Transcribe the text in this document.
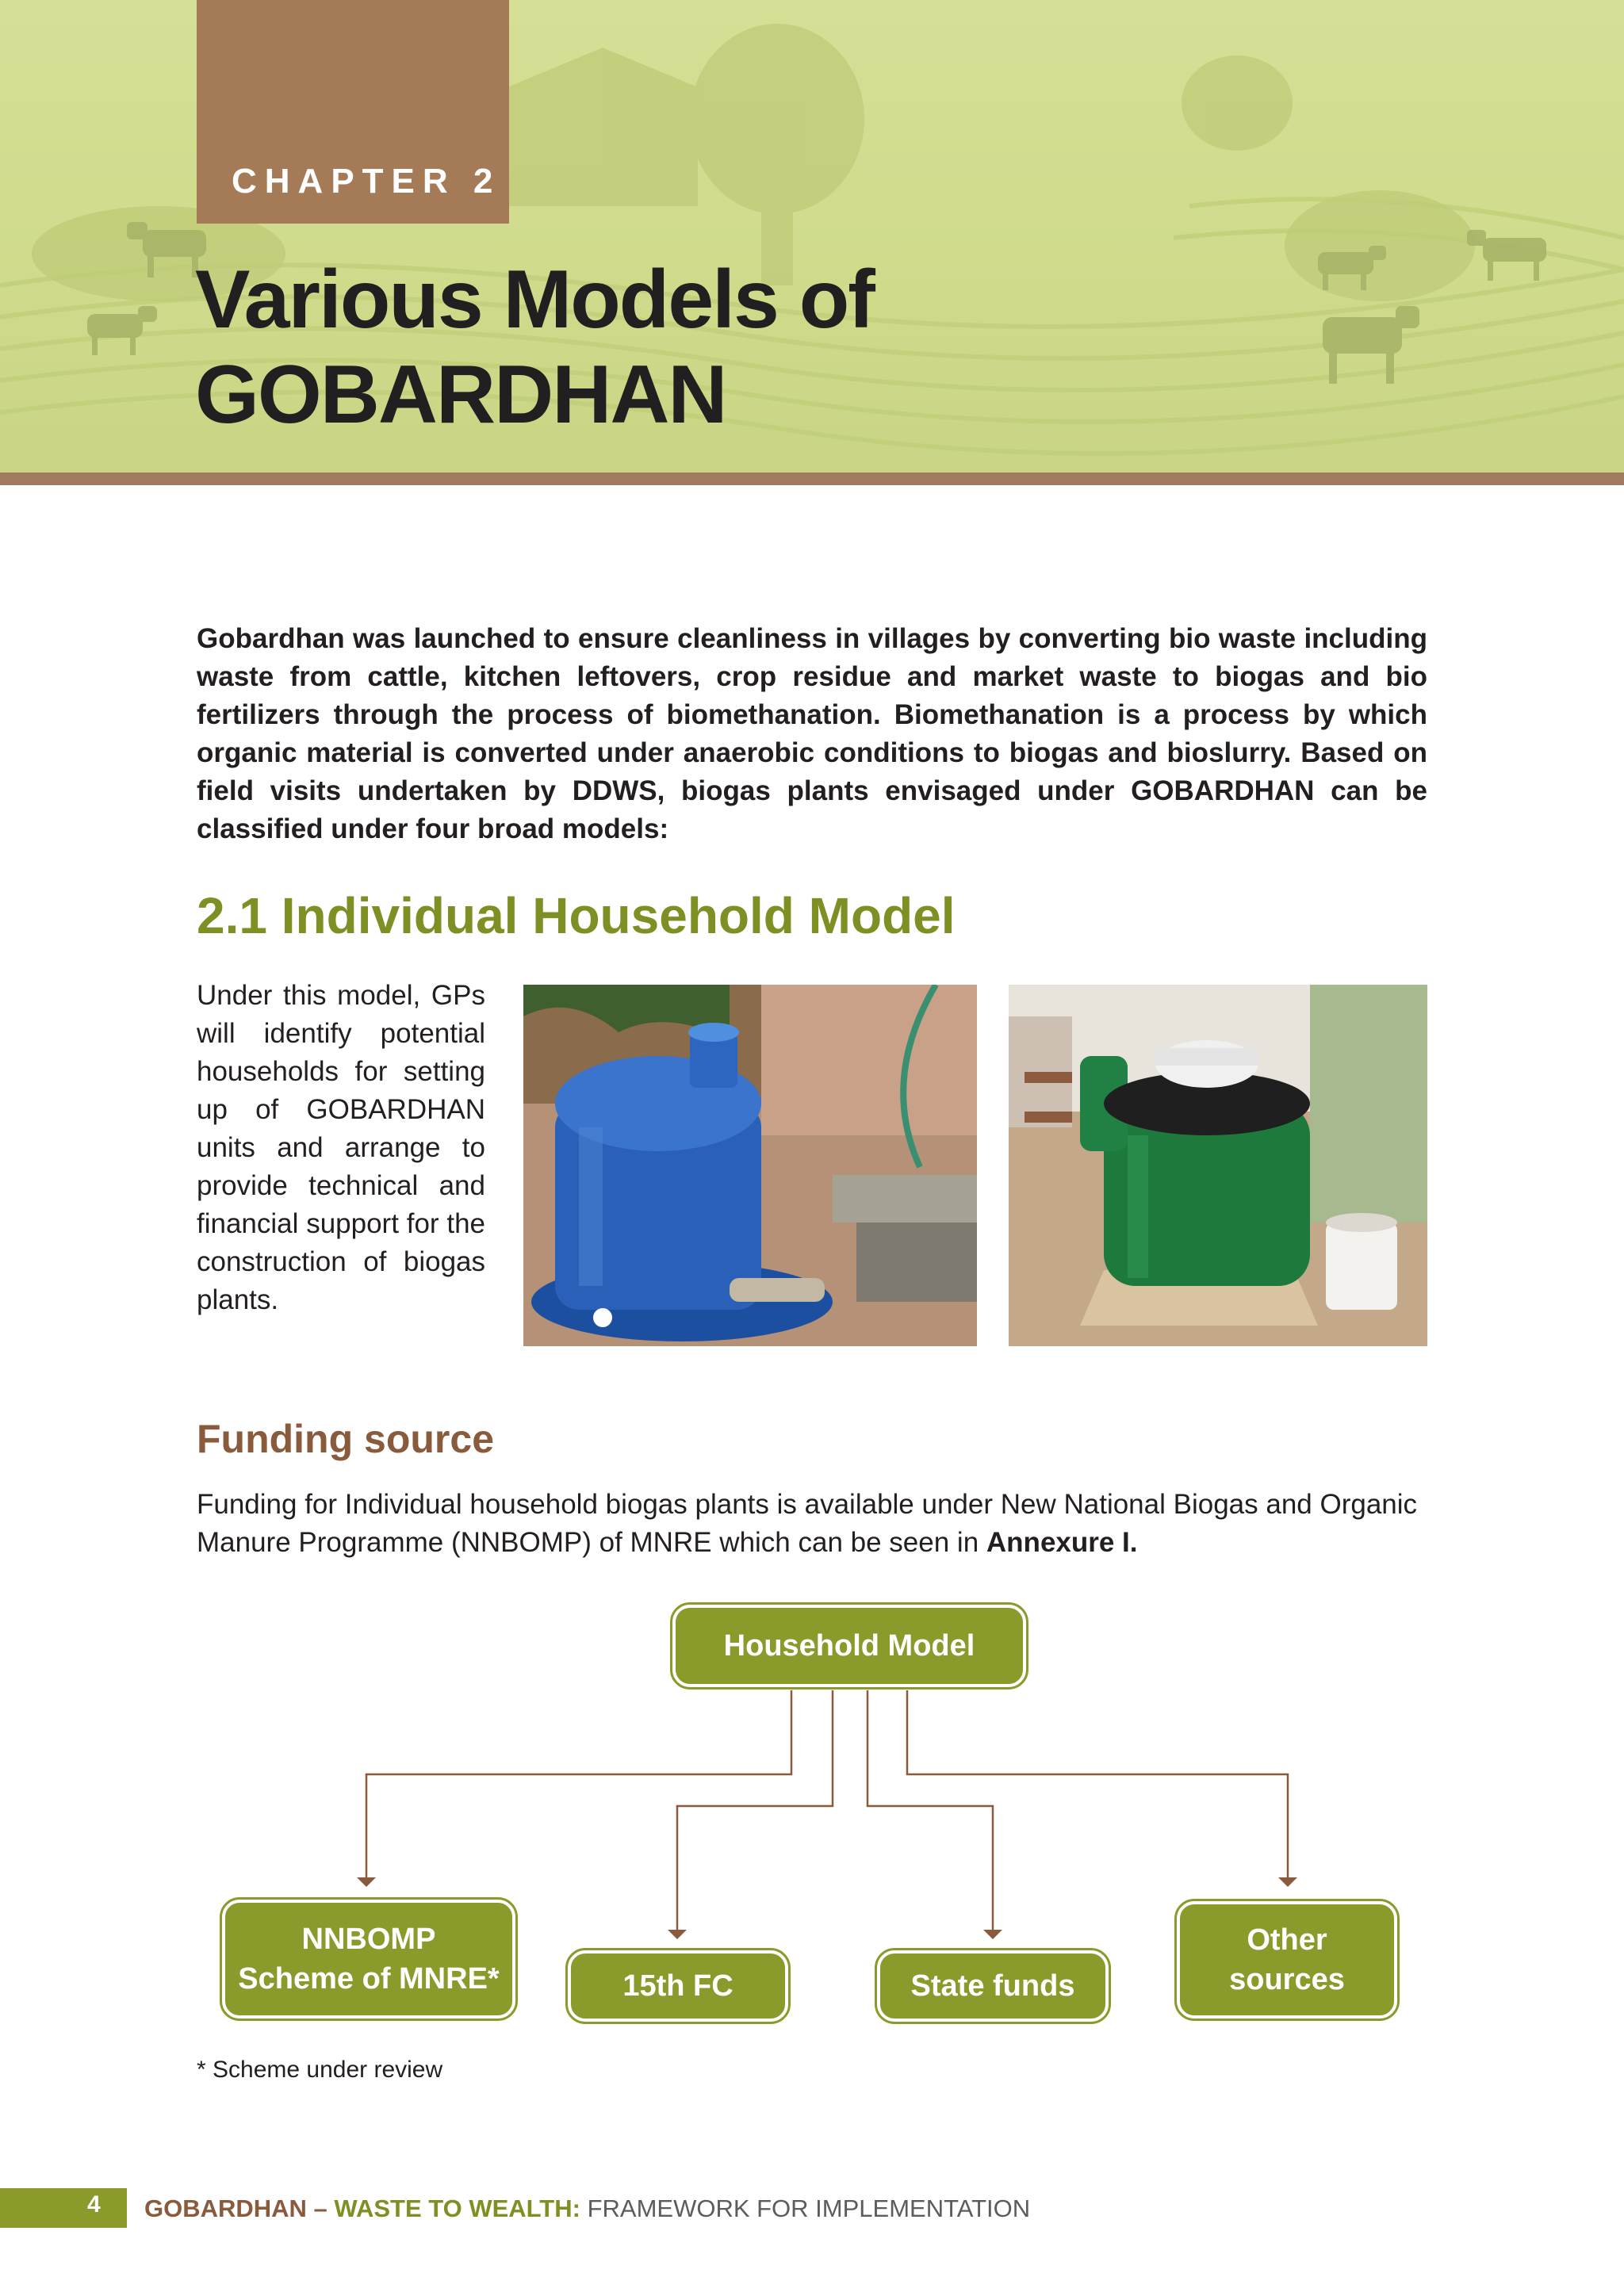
CHAPTER 2
Various Models of
GOBARDHAN
Gobardhan was launched to ensure cleanliness in villages by converting bio waste including waste from cattle, kitchen leftovers, crop residue and market waste to biogas and bio fertilizers through the process of biomethanation. Biomethanation is a process by which organic material is converted under anaerobic conditions to biogas and bioslurry. Based on field visits undertaken by DDWS, biogas plants envisaged under GOBARDHAN can be classified under four broad models:
2.1 Individual Household Model
Under this model, GPs will identify potential households for setting up of GOBARDHAN units and arrange to provide technical and financial support for the construction of biogas plants.
Funding source
Funding for Individual household biogas plants is available under New National Biogas and Organic Manure Programme (NNBOMP) of MNRE which can be seen in Annexure I.
Household Model
NNBOMP
Scheme of MNRE*	15th FC	State funds
Other
sources
* Scheme under review
4 GOBARDHAN – WASTE TO WEALTH: FRAMEWORK FOR IMPLEMENTATION
